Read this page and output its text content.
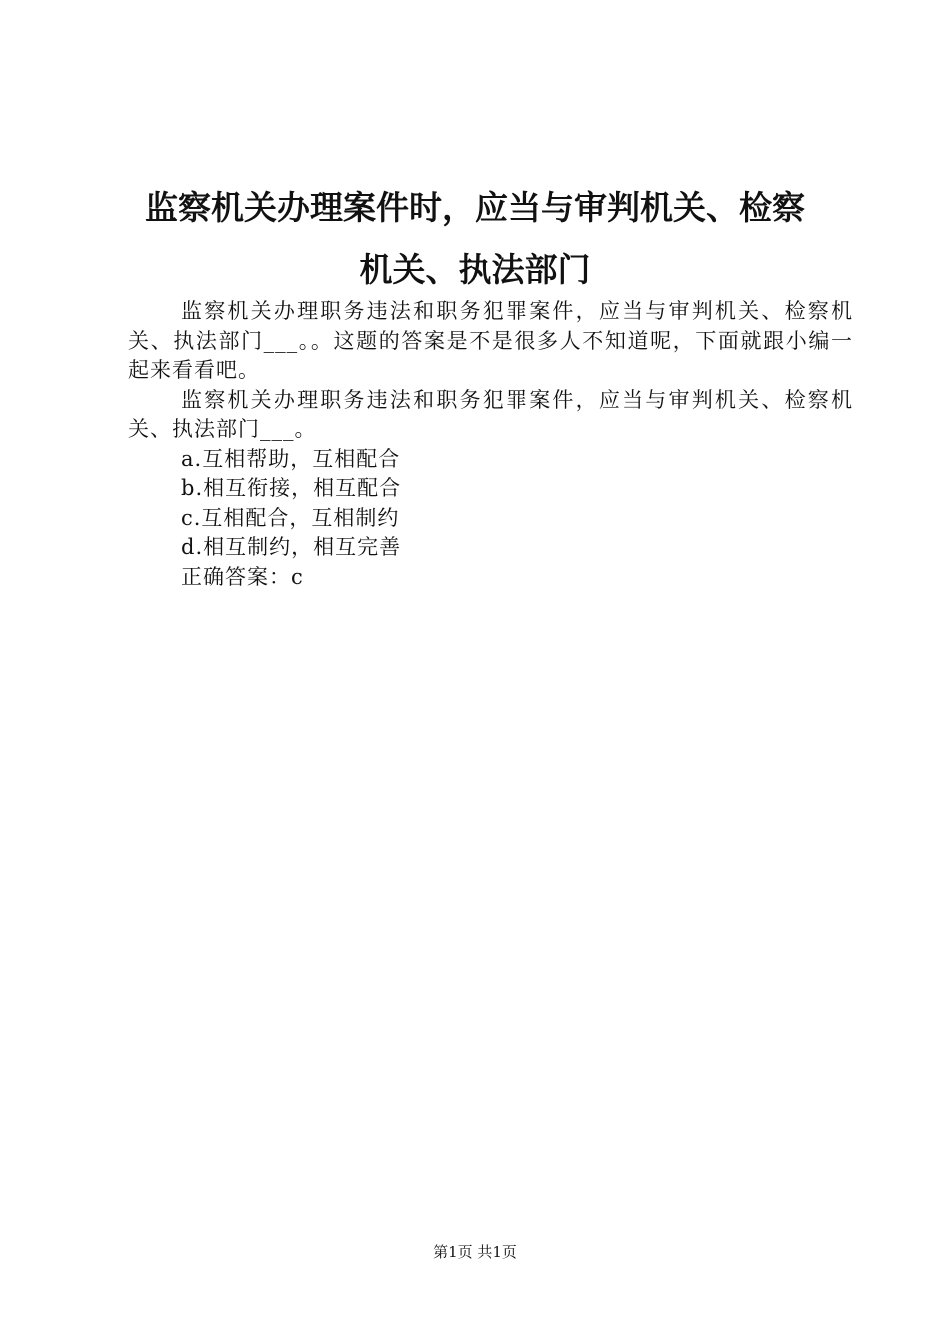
监察机关办理案件时，应当与审判机关、检察
机关、执法部门

监察机关办理职务违法和职务犯罪案件，应当与审判机关、检察机关、执法部门___。。这题的答案是不是很多人不知道呢，下面就跟小编一起来看看吧。

监察机关办理职务违法和职务犯罪案件，应当与审判机关、检察机关、执法部门___。

a.互相帮助，互相配合

b.相互衔接，相互配合

c.互相配合，互相制约

d.相互制约，相互完善

正确答案：c

第1页 共1页
